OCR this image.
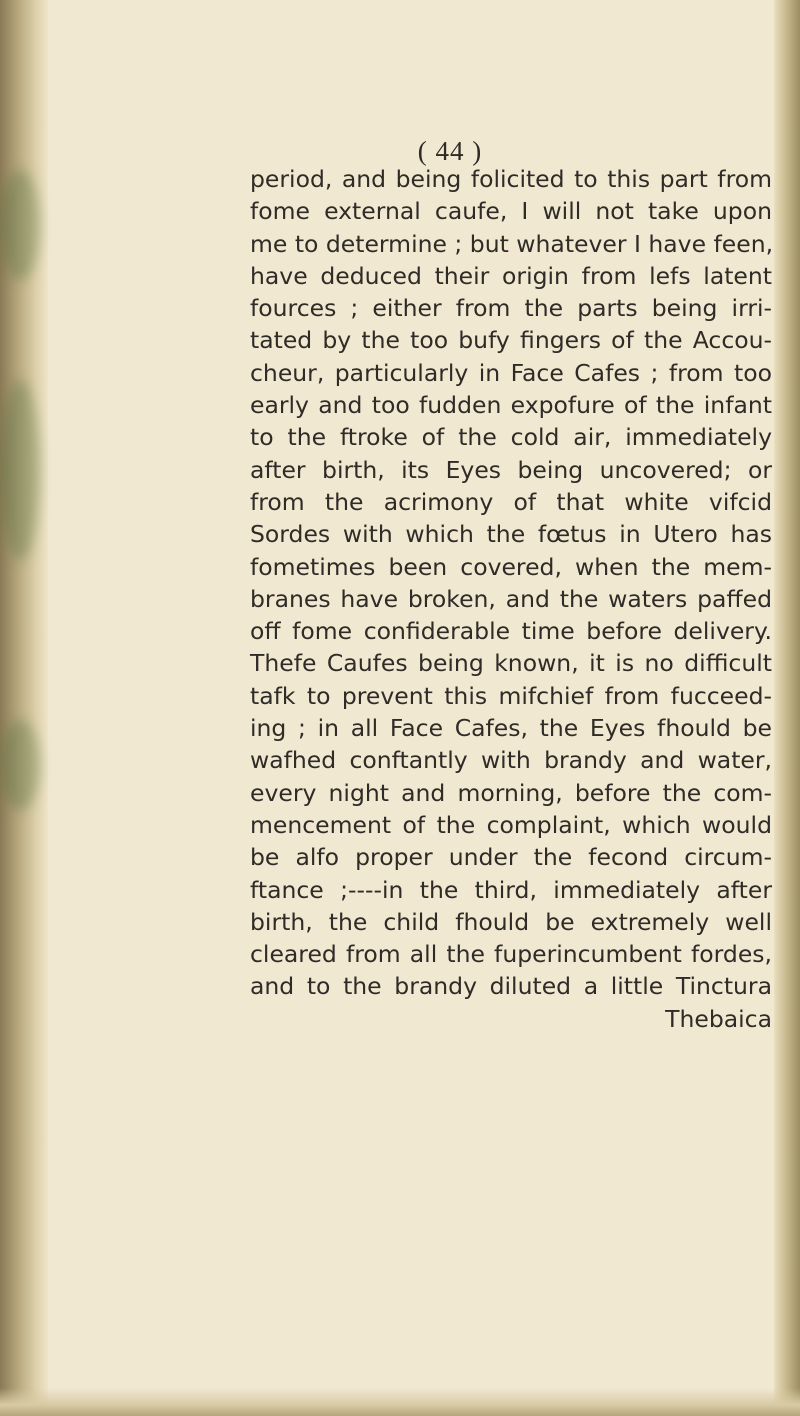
( 44 )
period, and being folicited to this part from
fome external caufe, I will not take upon
me to determine ; but whatever I have feen,
have deduced their origin from lefs latent
fources ; either from the parts being irri-
tated by the too bufy fingers of the Accou-
cheur, particularly in Face Cafes ; from too
early and too fudden expofure of the infant
to the ftroke of the cold air, immediately
after birth, its Eyes being uncovered; or
from the acrimony of that white vifcid
Sordes with which the fœtus in Utero has
fometimes been covered, when the mem-
branes have broken, and the waters paffed
off fome confiderable time before delivery.
Thefe Caufes being known, it is no difficult
tafk to prevent this mifchief from fucceed-
ing ; in all Face Cafes, the Eyes fhould be
wafhed conftantly with brandy and water,
every night and morning, before the com-
mencement of the complaint, which would
be alfo proper under the fecond circum-
ftance ;----in the third, immediately after
birth, the child fhould be extremely well
cleared from all the fuperincumbent fordes,
and to the brandy diluted a little Tinctura
Thebaica
